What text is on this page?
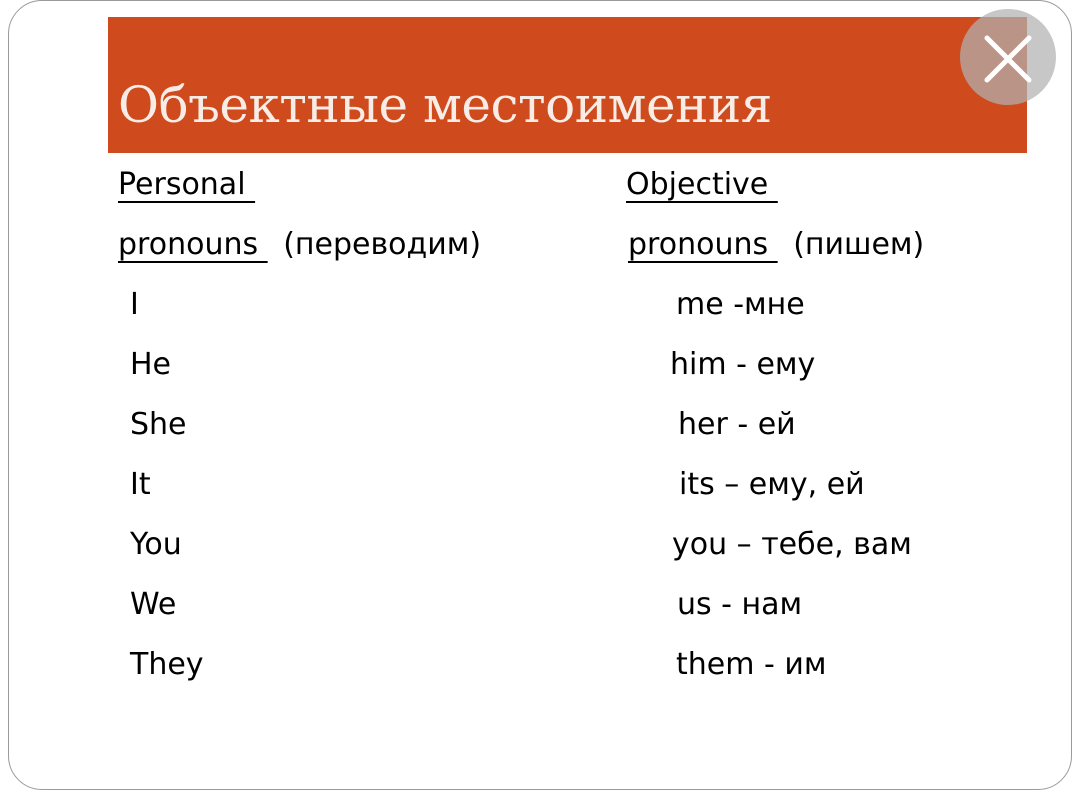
Объектные местоимения
Personal
pronouns  (переводим)
Objective
pronouns  (пишем)
I
He
She
It
You
We
They
me -мне
him - ему
her - ей
its – ему, ей
you – тебе, вам
us - нам
them - им
